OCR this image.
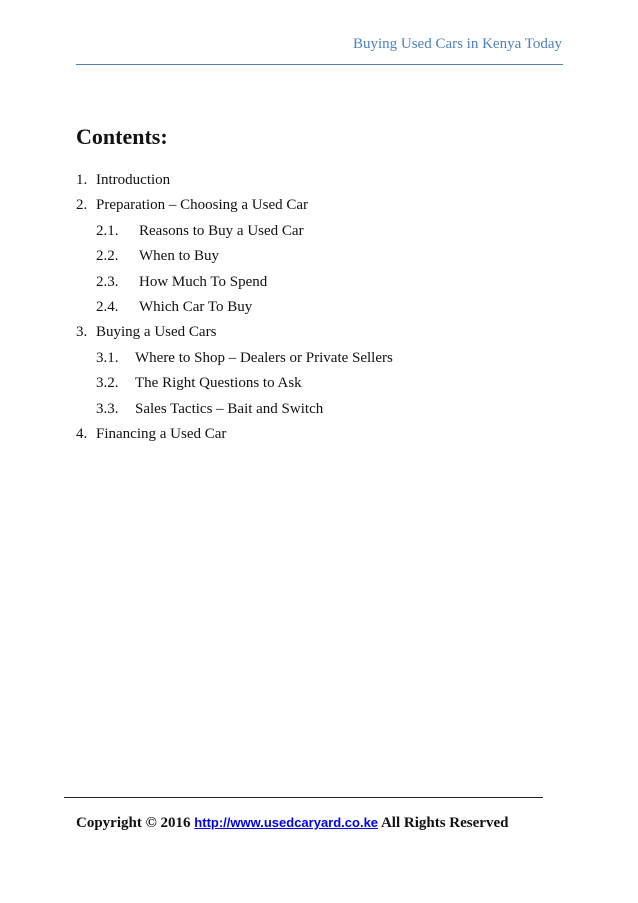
Buying Used Cars in Kenya Today
Contents:
1. Introduction
2. Preparation – Choosing a Used Car
2.1.	Reasons to Buy a Used Car
2.2.	When to Buy
2.3.	How Much To Spend
2.4.	Which Car To Buy
3. Buying a Used Cars
3.1.	Where to Shop – Dealers or Private Sellers
3.2.	The Right Questions to Ask
3.3.	Sales Tactics – Bait and Switch
4. Financing a Used Car
Copyright © 2016 http://www.usedcaryard.co.ke All Rights Reserved
